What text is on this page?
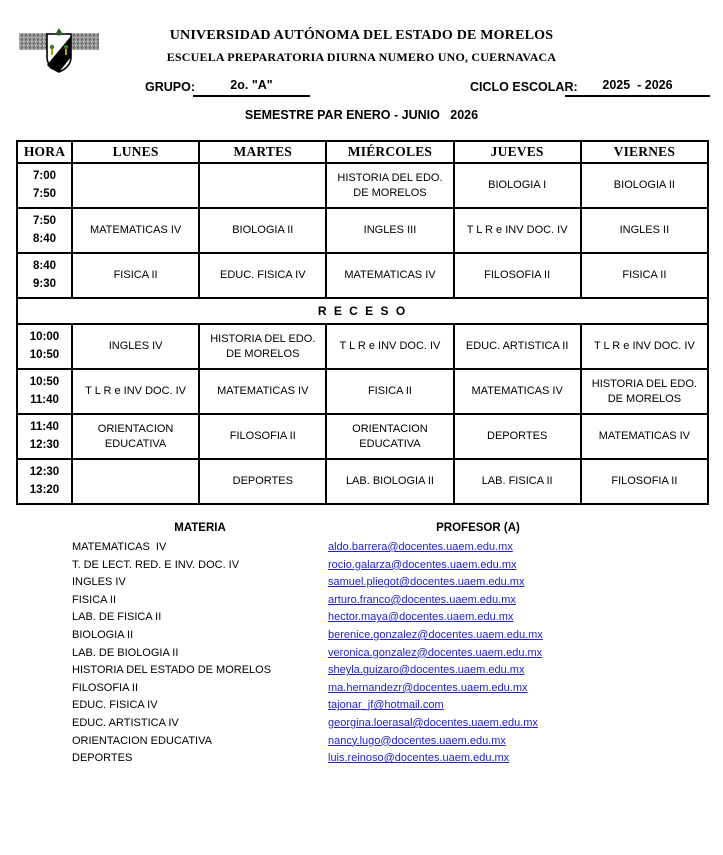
UNIVERSIDAD AUTÓNOMA DEL ESTADO DE MORELOS
ESCUELA PREPARATORIA DIURNA NUMERO UNO, CUERNAVACA
GRUPO:	2o. "A"	CICLO ESCOLAR:	2025  - 2026
SEMESTRE PAR ENERO - JUNIO   2026
HORA	LUNES	MARTES	MIÉRCOLES	JUEVES	VIERNES

7:00
7:50			HISTORIA DEL EDO. DE MORELOS	BIOLOGIA I	BIOLOGIA II

7:50
8:40	MATEMATICAS IV	BIOLOGIA II	INGLES III	T L R e INV DOC. IV	INGLES II

8:40
9:30	FISICA II	EDUC. FISICA IV	MATEMATICAS IV	FILOSOFIA II	FISICA II
R E C E S O					

10:00
10:50	INGLES IV	HISTORIA DEL EDO. DE MORELOS	T L R e INV DOC. IV	EDUC. ARTISTICA II	T L R e INV DOC. IV

10:50
11:40	T L R e INV DOC. IV	MATEMATICAS IV	FISICA II	MATEMATICAS IV	HISTORIA DEL EDO. DE MORELOS

11:40
12:30	ORIENTACION EDUCATIVA	FILOSOFIA II	ORIENTACION EDUCATIVA	DEPORTES	MATEMATICAS IV

12:30
13:20		DEPORTES	LAB. BIOLOGIA II	LAB. FISICA II	FILOSOFIA II
MATERIA	PROFESOR (A)
MATEMATICAS  IV	aldo.barrera@docentes.uaem.edu.mx
T. DE LECT. RED. E INV. DOC. IV	rocio.galarza@docentes.uaem.edu.mx
INGLES IV	samuel.pliegot@docentes.uaem.edu.mx
FISICA II	arturo.franco@docentes.uaem.edu.mx
LAB. DE FISICA II	hector.maya@docentes.uaem.edu.mx
BIOLOGIA II	berenice.gonzalez@docentes.uaem.edu.mx
LAB. DE BIOLOGIA II	veronica.gonzalez@docentes.uaem.edu.mx
HISTORIA DEL ESTADO DE MORELOS	sheyla.guizaro@docentes.uaem.edu.mx
FILOSOFIA II	ma.hernandezr@docentes.uaem.edu.mx
EDUC. FISICA IV	tajonar_jf@hotmail.com
EDUC. ARTISTICA IV	georgina.loerasal@docentes.uaem.edu.mx
ORIENTACION EDUCATIVA	nancy.lugo@docentes.uaem.edu.mx
DEPORTES	luis.reinoso@docentes.uaem.edu.mx
